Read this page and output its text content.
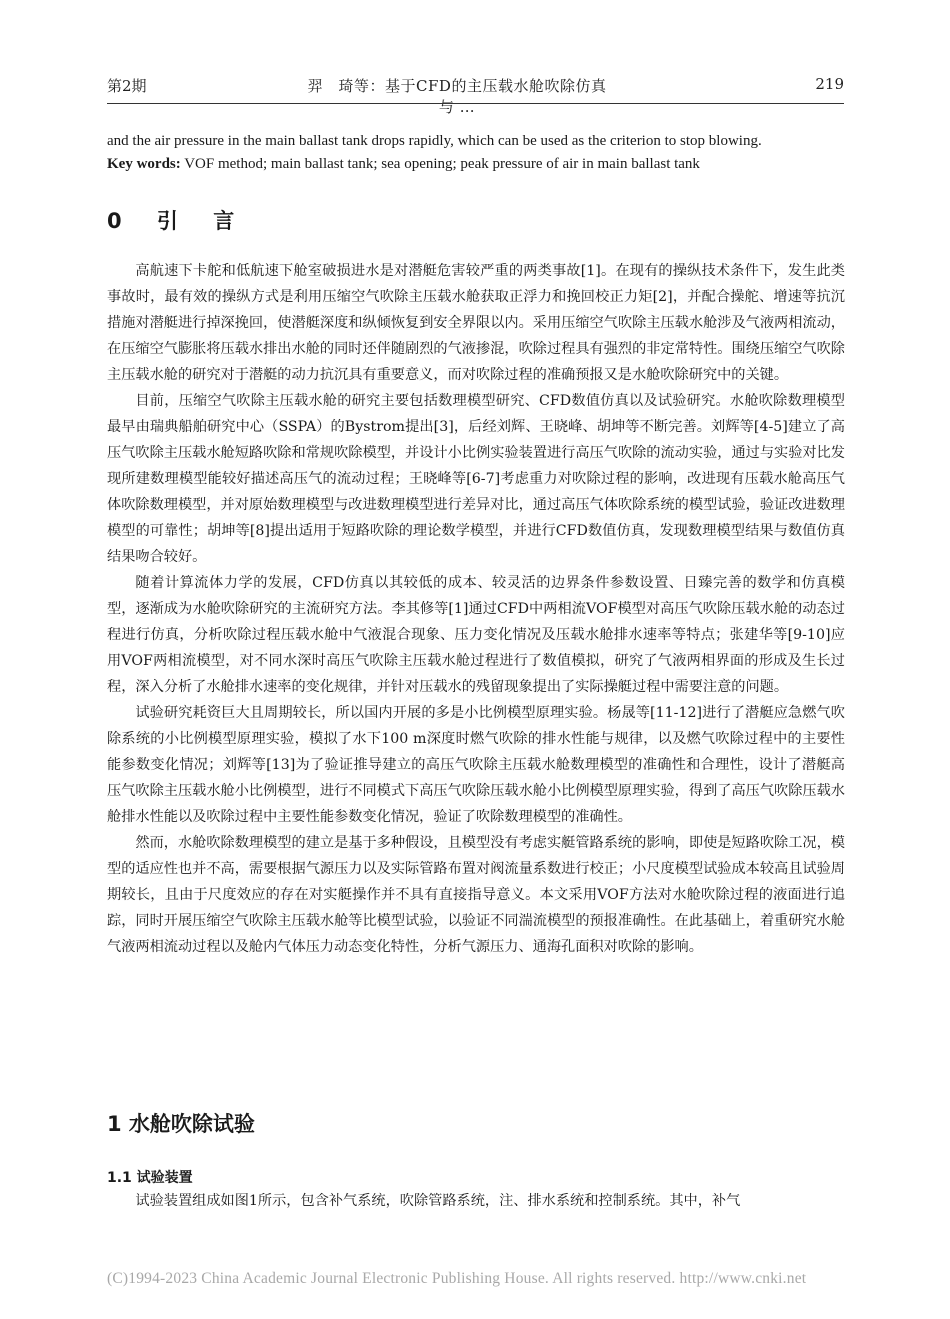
第2期	羿　琦等：基于CFD的主压载水舱吹除仿真与 …
219

and the air pressure in the main ballast tank drops rapidly, which can be used as the criterion to stop blowing.

Key words: VOF method; main ballast tank; sea opening; peak pressure of air in main ballast tank

0 引 言

高航速下卡舵和低航速下舱室破损进水是对潜艇危害较严重的两类事故[1]。在现有的操纵技术条件下，发生此类事故时，最有效的操纵方式是利用压缩空气吹除主压载水舱获取正浮力和挽回校正力矩[2]，并配合操舵、增速等抗沉措施对潜艇进行掉深挽回，使潜艇深度和纵倾恢复到安全界限以内。采用压缩空气吹除主压载水舱涉及气液两相流动，在压缩空气膨胀将压载水排出水舱的同时还伴随剧烈的气液掺混，吹除过程具有强烈的非定常特性。围绕压缩空气吹除主压载水舱的研究对于潜艇的动力抗沉具有重要意义，而对吹除过程的准确预报又是水舱吹除研究中的关键。

目前，压缩空气吹除主压载水舱的研究主要包括数理模型研究、CFD数值仿真以及试验研究。水舱吹除数理模型最早由瑞典船舶研究中心（SSPA）的Bystrom提出[3]，后经刘辉、王晓峰、胡坤等不断完善。刘辉等[4-5]建立了高压气吹除主压载水舱短路吹除和常规吹除模型，并设计小比例实验装置进行高压气吹除的流动实验，通过与实验对比发现所建数理模型能较好描述高压气的流动过程；王晓峰等[6-7]考虑重力对吹除过程的影响，改进现有压载水舱高压气体吹除数理模型，并对原始数理模型与改进数理模型进行差异对比，通过高压气体吹除系统的模型试验，验证改进数理模型的可靠性；胡坤等[8]提出适用于短路吹除的理论数学模型，并进行CFD数值仿真，发现数理模型结果与数值仿真结果吻合较好。

随着计算流体力学的发展，CFD仿真以其较低的成本、较灵活的边界条件参数设置、日臻完善的数学和仿真模型，逐渐成为水舱吹除研究的主流研究方法。李其修等[1]通过CFD中两相流VOF模型对高压气吹除压载水舱的动态过程进行仿真，分析吹除过程压载水舱中气液混合现象、压力变化情况及压载水舱排水速率等特点；张建华等[9-10]应用VOF两相流模型，对不同水深时高压气吹除主压载水舱过程进行了数值模拟，研究了气液两相界面的形成及生长过程，深入分析了水舱排水速率的变化规律，并针对压载水的残留现象提出了实际操艇过程中需要注意的问题。

试验研究耗资巨大且周期较长，所以国内开展的多是小比例模型原理实验。杨晟等[11-12]进行了潜艇应急燃气吹除系统的小比例模型原理实验，模拟了水下100 m深度时燃气吹除的排水性能与规律，以及燃气吹除过程中的主要性能参数变化情况；刘辉等[13]为了验证推导建立的高压气吹除主压载水舱数理模型的准确性和合理性，设计了潜艇高压气吹除主压载水舱小比例模型，进行不同模式下高压气吹除压载水舱小比例模型原理实验，得到了高压气吹除压载水舱排水性能以及吹除过程中主要性能参数变化情况，验证了吹除数理模型的准确性。

然而，水舱吹除数理模型的建立是基于多种假设，且模型没有考虑实艇管路系统的影响，即使是短路吹除工况，模型的适应性也并不高，需要根据气源压力以及实际管路布置对阀流量系数进行校正；小尺度模型试验成本较高且试验周期较长，且由于尺度效应的存在对实艇操作并不具有直接指导意义。本文采用VOF方法对水舱吹除过程的液面进行追踪，同时开展压缩空气吹除主压载水舱等比模型试验，以验证不同湍流模型的预报准确性。在此基础上，着重研究水舱气液两相流动过程以及舱内气体压力动态变化特性，分析气源压力、通海孔面积对吹除的影响。

1 水舱吹除试验
1.1 试验装置

试验装置组成如图1所示，包含补气系统，吹除管路系统，注、排水系统和控制系统。其中，补气

(C)1994-2023 China Academic Journal Electronic Publishing House. All rights reserved. http://www.cnki.net
